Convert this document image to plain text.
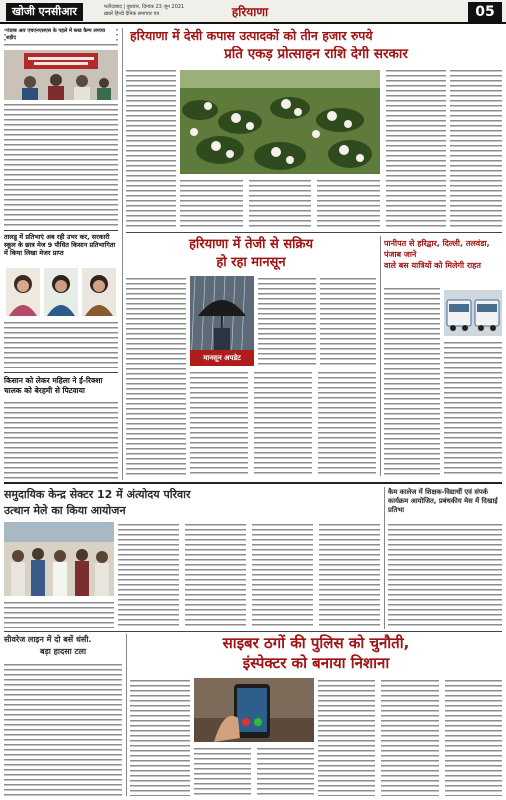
खोजी एनसीआर	फरीदाबाद | बुधवार, दिनांक 23 जून 2021
ख़बरें हिन्दी दैनिक समाचार पत्र	हरियाणा	05
पंजाब आर एचएनएसएस के पहले में ब्लड कैम्प लगाया शहीद
तालडू में प्रतिभाएं अब रही उभर कर, सरकारी स्कूल के छात्र मेज 9 पौधित किसान प्रतिभागिता में किया लिखा मेजर प्राप्त
किसान को लेकर महिला ने ई-रिक्शा चालक को बेरहमी से पिटवाया
हरियाणा में देसी कपास उत्पादकों को तीन हजार रुपये
प्रति एकड़ प्रोत्साहन राशि देगी सरकार
हरियाणा में तेजी से सक्रिय
हो रहा मानसून
मानसून अपडेट
पानीपत से हरिद्वार, दिल्ली, तलवंडा, पंजाब जाने
वाले बस यात्रियों को मिलेगी राहत
समुदायिक केन्द्र सेक्टर 12 में अंत्योदय परिवार
उत्थान मेले का किया आयोजन
कैम कालेज में शिक्षक-विद्यार्थी एवं संपर्क कार्यक्रम आयोजित, प्रबंधकीय मेस में दिखाई प्रतिभा
सीवरेज लाइन में दो बसें धंसी.
बड़ा हादसा टला	साइबर ठगों की पुलिस को चुनौती,
इंस्पेक्टर को बनाया निशाना
